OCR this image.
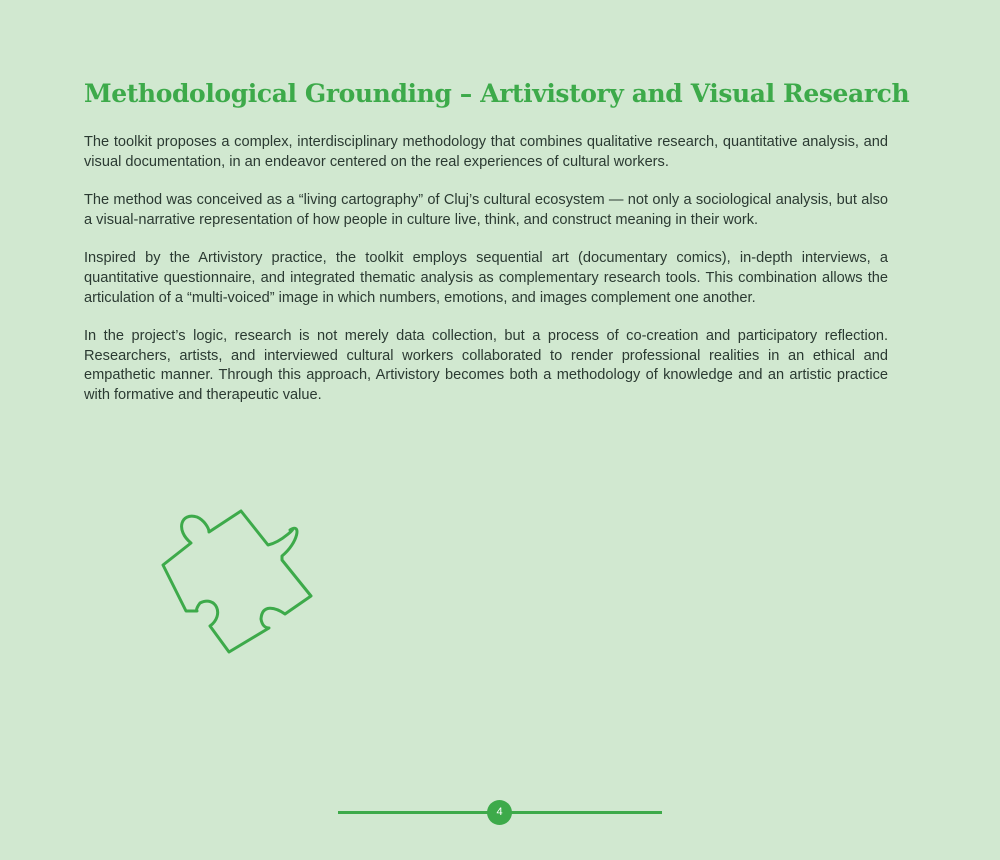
Methodological Grounding – Artivistory and Visual Research

The toolkit proposes a complex, interdisciplinary methodology that combines qualitative research, quantitative analysis, and visual documentation, in an endeavor centered on the real experiences of cultural workers.

The method was conceived as a “living cartography” of Cluj’s cultural ecosystem — not only a sociological analysis, but also a visual-narrative representation of how people in culture live, think, and construct meaning in their work.

Inspired by the Artivistory practice, the toolkit employs sequential art (documentary comics), in-depth interviews, a quantitative questionnaire, and integrated thematic analysis as complementary research tools. This combination allows the articulation of a “multi-voiced” image in which numbers, emotions, and images complement one another.

In the project’s logic, research is not merely data collection, but a process of co-creation and participatory reflection. Researchers, artists, and interviewed cultural workers collaborated to render professional realities in an ethical and empathetic manner. Through this approach, Artivistory becomes both a methodology of knowledge and an artistic practice with formative and therapeutic value.

4
